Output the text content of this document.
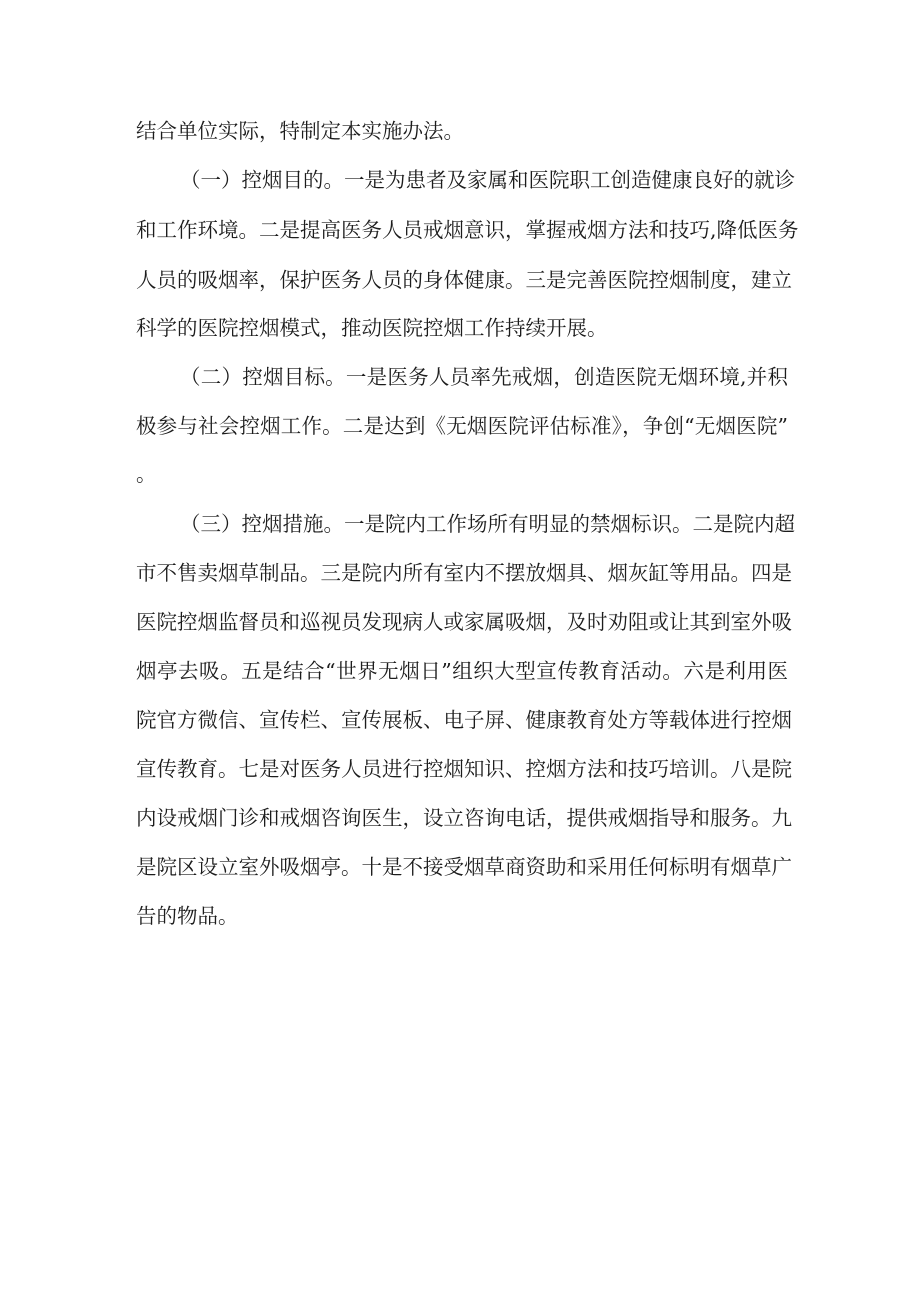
结合单位实际，特制定本实施办法。
（一）控烟目的。一是为患者及家属和医院职工创造健康良好的就诊
和工作环境。二是提高医务人员戒烟意识，掌握戒烟方法和技巧,降低医务
人员的吸烟率，保护医务人员的身体健康。三是完善医院控烟制度，建立
科学的医院控烟模式，推动医院控烟工作持续开展。
（二）控烟目标。一是医务人员率先戒烟，创造医院无烟环境,并积
极参与社会控烟工作。二是达到《无烟医院评估标准》，争创“无烟医院”
。
（三）控烟措施。一是院内工作场所有明显的禁烟标识。二是院内超
市不售卖烟草制品。三是院内所有室内不摆放烟具、烟灰缸等用品。四是
医院控烟监督员和巡视员发现病人或家属吸烟，及时劝阻或让其到室外吸
烟亭去吸。五是结合“世界无烟日”组织大型宣传教育活动。六是利用医
院官方微信、宣传栏、宣传展板、电子屏、健康教育处方等载体进行控烟
宣传教育。七是对医务人员进行控烟知识、控烟方法和技巧培训。八是院
内设戒烟门诊和戒烟咨询医生，设立咨询电话，提供戒烟指导和服务。九
是院区设立室外吸烟亭。十是不接受烟草商资助和采用任何标明有烟草广
告的物品。
